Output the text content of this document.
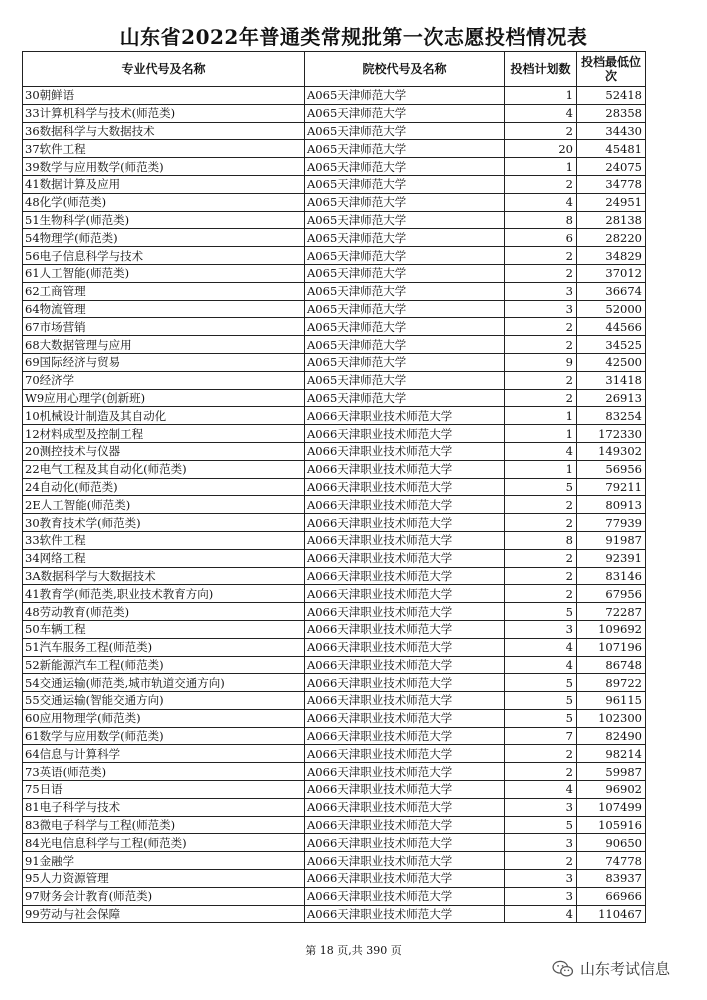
山东省2022年普通类常规批第一次志愿投档情况表
专业代号及名称	院校代号及名称	投档计划数	投档最低位次
30朝鲜语	A065天津师范大学	1	52418
33计算机科学与技术(师范类)	A065天津师范大学	4	28358
36数据科学与大数据技术	A065天津师范大学	2	34430
37软件工程	A065天津师范大学	20	45481
39数学与应用数学(师范类)	A065天津师范大学	1	24075
41数据计算及应用	A065天津师范大学	2	34778
48化学(师范类)	A065天津师范大学	4	24951
51生物科学(师范类)	A065天津师范大学	8	28138
54物理学(师范类)	A065天津师范大学	6	28220
56电子信息科学与技术	A065天津师范大学	2	34829
61人工智能(师范类)	A065天津师范大学	2	37012
62工商管理	A065天津师范大学	3	36674
64物流管理	A065天津师范大学	3	52000
67市场营销	A065天津师范大学	2	44566
68大数据管理与应用	A065天津师范大学	2	34525
69国际经济与贸易	A065天津师范大学	9	42500
70经济学	A065天津师范大学	2	31418
W9应用心理学(创新班)	A065天津师范大学	2	26913
10机械设计制造及其自动化	A066天津职业技术师范大学	1	83254
12材料成型及控制工程	A066天津职业技术师范大学	1	172330
20测控技术与仪器	A066天津职业技术师范大学	4	149302
22电气工程及其自动化(师范类)	A066天津职业技术师范大学	1	56956
24自动化(师范类)	A066天津职业技术师范大学	5	79211
2E人工智能(师范类)	A066天津职业技术师范大学	2	80913
30教育技术学(师范类)	A066天津职业技术师范大学	2	77939
33软件工程	A066天津职业技术师范大学	8	91987
34网络工程	A066天津职业技术师范大学	2	92391
3A数据科学与大数据技术	A066天津职业技术师范大学	2	83146
41教育学(师范类,职业技术教育方向)	A066天津职业技术师范大学	2	67956
48劳动教育(师范类)	A066天津职业技术师范大学	5	72287
50车辆工程	A066天津职业技术师范大学	3	109692
51汽车服务工程(师范类)	A066天津职业技术师范大学	4	107196
52新能源汽车工程(师范类)	A066天津职业技术师范大学	4	86748
54交通运输(师范类,城市轨道交通方向)	A066天津职业技术师范大学	5	89722
55交通运输(智能交通方向)	A066天津职业技术师范大学	5	96115
60应用物理学(师范类)	A066天津职业技术师范大学	5	102300
61数学与应用数学(师范类)	A066天津职业技术师范大学	7	82490
64信息与计算科学	A066天津职业技术师范大学	2	98214
73英语(师范类)	A066天津职业技术师范大学	2	59987
75日语	A066天津职业技术师范大学	4	96902
81电子科学与技术	A066天津职业技术师范大学	3	107499
83微电子科学与工程(师范类)	A066天津职业技术师范大学	5	105916
84光电信息科学与工程(师范类)	A066天津职业技术师范大学	3	90650
91金融学	A066天津职业技术师范大学	2	74778
95人力资源管理	A066天津职业技术师范大学	3	83937
97财务会计教育(师范类)	A066天津职业技术师范大学	3	66966
99劳动与社会保障	A066天津职业技术师范大学	4	110467
第 18 页,共 390 页
山东考试信息
